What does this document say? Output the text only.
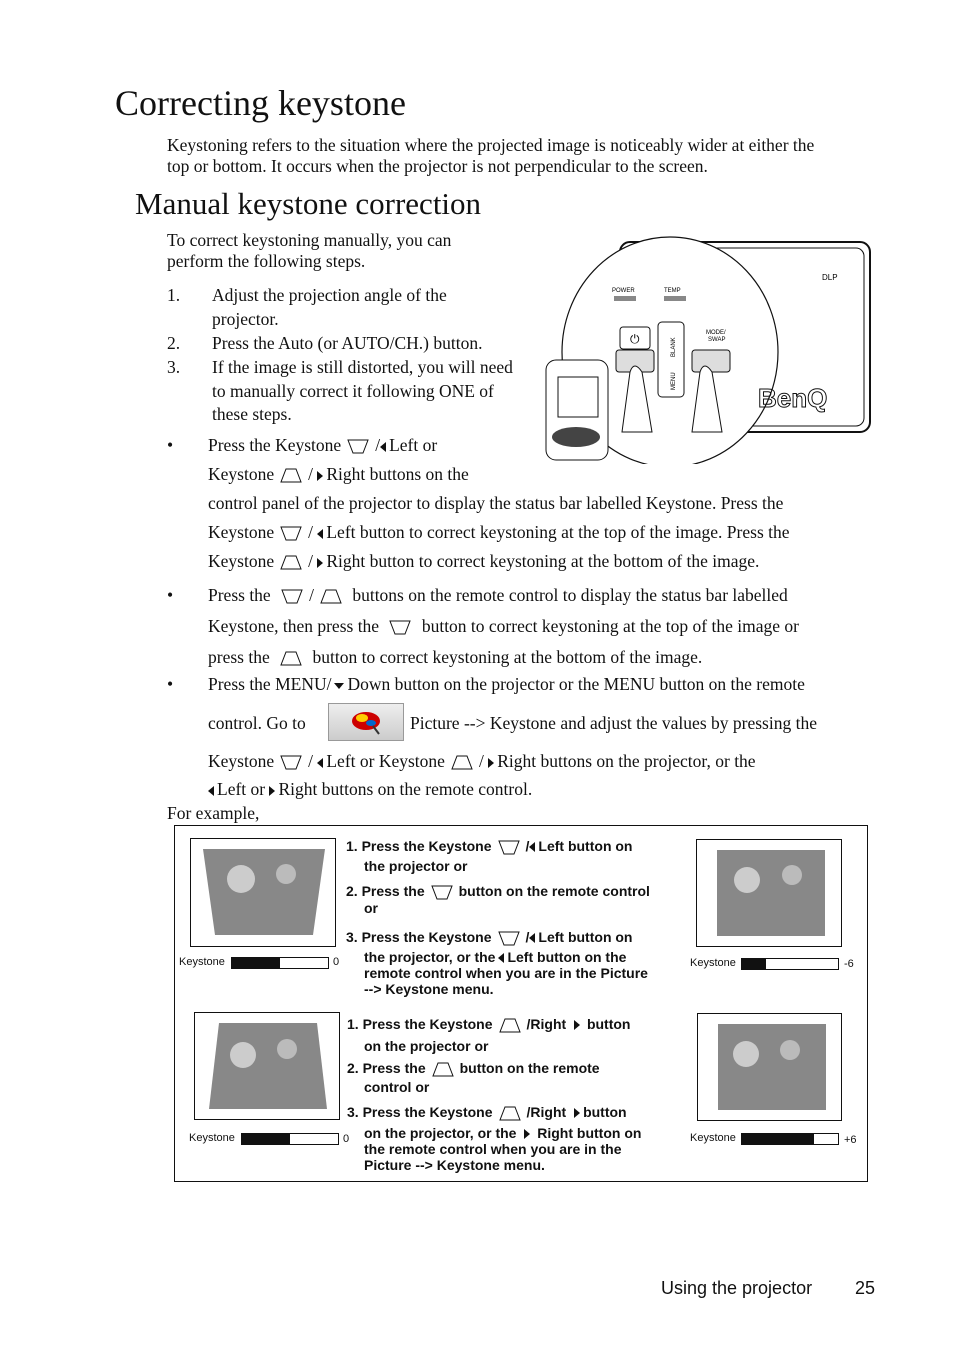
Correcting keystone
Keystoning refers to the situation where the projected image is noticeably wider at either the
top or bottom. It occurs when the projector is not perpendicular to the screen.
Manual keystone correction
To correct keystoning manually, you can
perform the following steps.
1. Adjust the projection angle of the
projector.
2. Press the Auto (or AUTO/CH.) button.
3. If the image is still distorted, you will need
to manually correct it following ONE of
these steps.
POWER	TEMP
⏻	BLANK
MENU
MODE/
SWAP
BenQ
DLP
• Press the Keystone / Left or
Keystone / Right buttons on the
control panel of the projector to display the status bar labelled Keystone. Press the
Keystone / Left button to correct keystoning at the top of the image. Press the
Keystone / Right button to correct keystoning at the bottom of the image.
• Press the / buttons on the remote control to display the status bar labelled
Keystone, then press the  button to correct keystoning at the top of the image or
press the  button to correct keystoning at the bottom of the image.
• Press the MENU/ Down button on the projector or the MENU button on the remote
control. Go to	Picture --> Keystone and adjust the values by pressing the
Keystone / Left or Keystone / Right buttons on the projector, or the
Left or Right buttons on the remote control.
For example,
Keystone	0
1. Press the Keystone / Left button on
the projector or
2. Press the button on the remote control
or
3. Press the Keystone / Left button on
the projector, or the Left button on the
remote control when you are in the Picture
--> Keystone menu.
Keystone	-6
Keystone	0
1. Press the Keystone /Right button
on the projector or
2. Press the button on the remote
control or
3. Press the Keystone /Right button
on the projector, or the Right button on
the remote control when you are in the
Picture --> Keystone menu.
Keystone	+6
Using the projector 25
